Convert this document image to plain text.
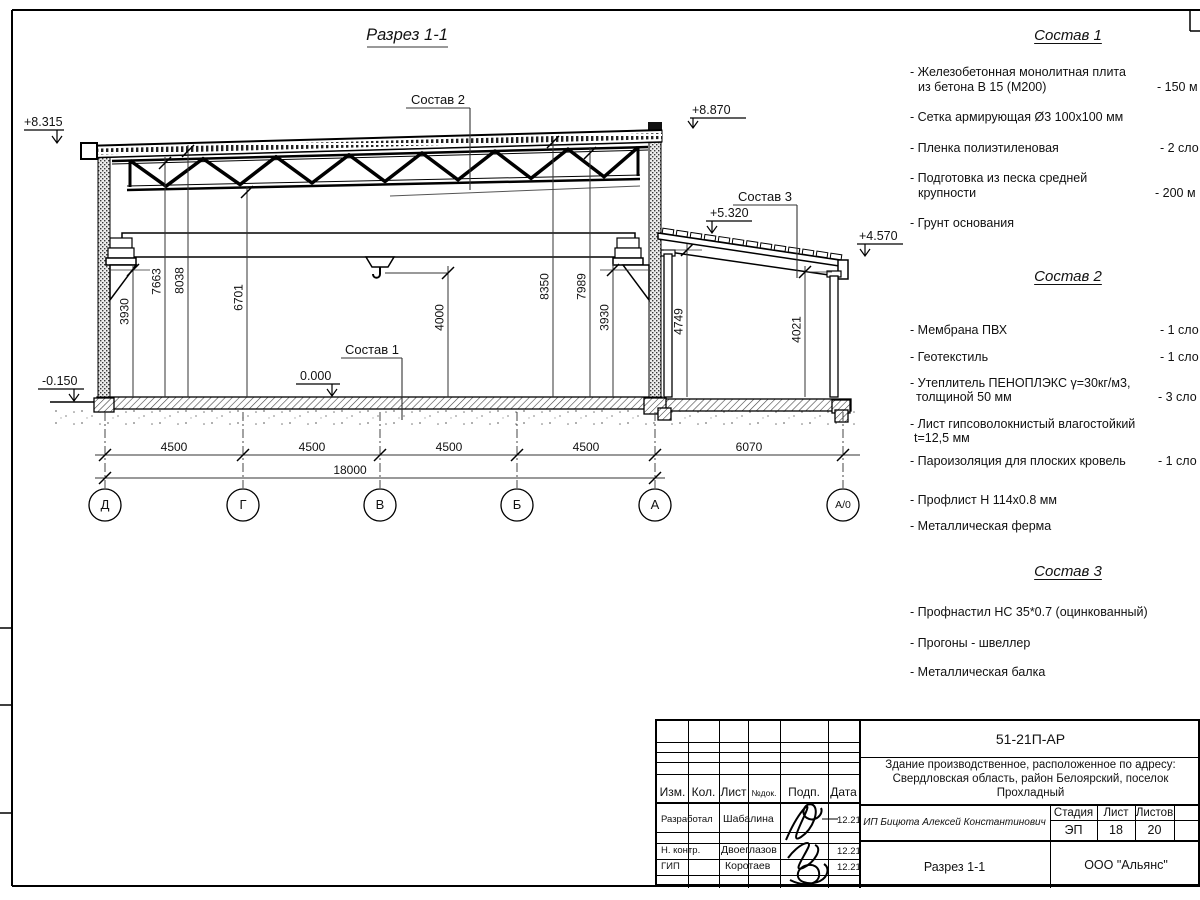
Разрез 1-1
+8.315
+8.870
+5.320
+4.570
0.000
-0.150
Состав 2
Состав 3
Состав 1
3930
7663 8038
6701
4000
8350 7989
3930	4749	4021
4500	4500	4500	4500	6070
18000
Д	Г	В	Б	А	А/0
Состав 1
- Железобетонная монолитная плита
из бетона В 15 (М200)	- 150 м
- Сетка армирующая Ø3 100х100 мм
- Пленка полиэтиленовая	- 2 сло
- Подготовка из песка средней
крупности	- 200 м
- Грунт основания
Состав 2
- Мембрана ПВХ	- 1 сло
- Геотекстиль	- 1 сло
- Утеплитель ПЕНОПЛЭКС γ=30кг/м3,
толщиной 50 мм	- 3 сло
- Лист гипсоволокнистый влагостойкий
t=12,5 мм
- Пароизоляция для плоских кровель	- 1 сло
- Профлист Н 114х0.8 мм
- Металлическая ферма
Состав 3
- Профнастил НС 35*0.7 (оцинкованный)
- Прогоны - швеллер
- Металлическая балка
Изм. Кол. Лист №док. Подп. Дата
Разработал Шабалина	12.21
Н. контр. Двоеглазов	12.21
ГИП	Коротаев	12.21
51-21П-АР
Здание производственное, расположенное по адресу:
Свердловская область, район Белоярский, поселок
Прохладный
ИП Бицюта Алексей Константинович
Стадия Лист Листов
ЭП	18	20
Разрез 1-1	ООО "Альянс"
